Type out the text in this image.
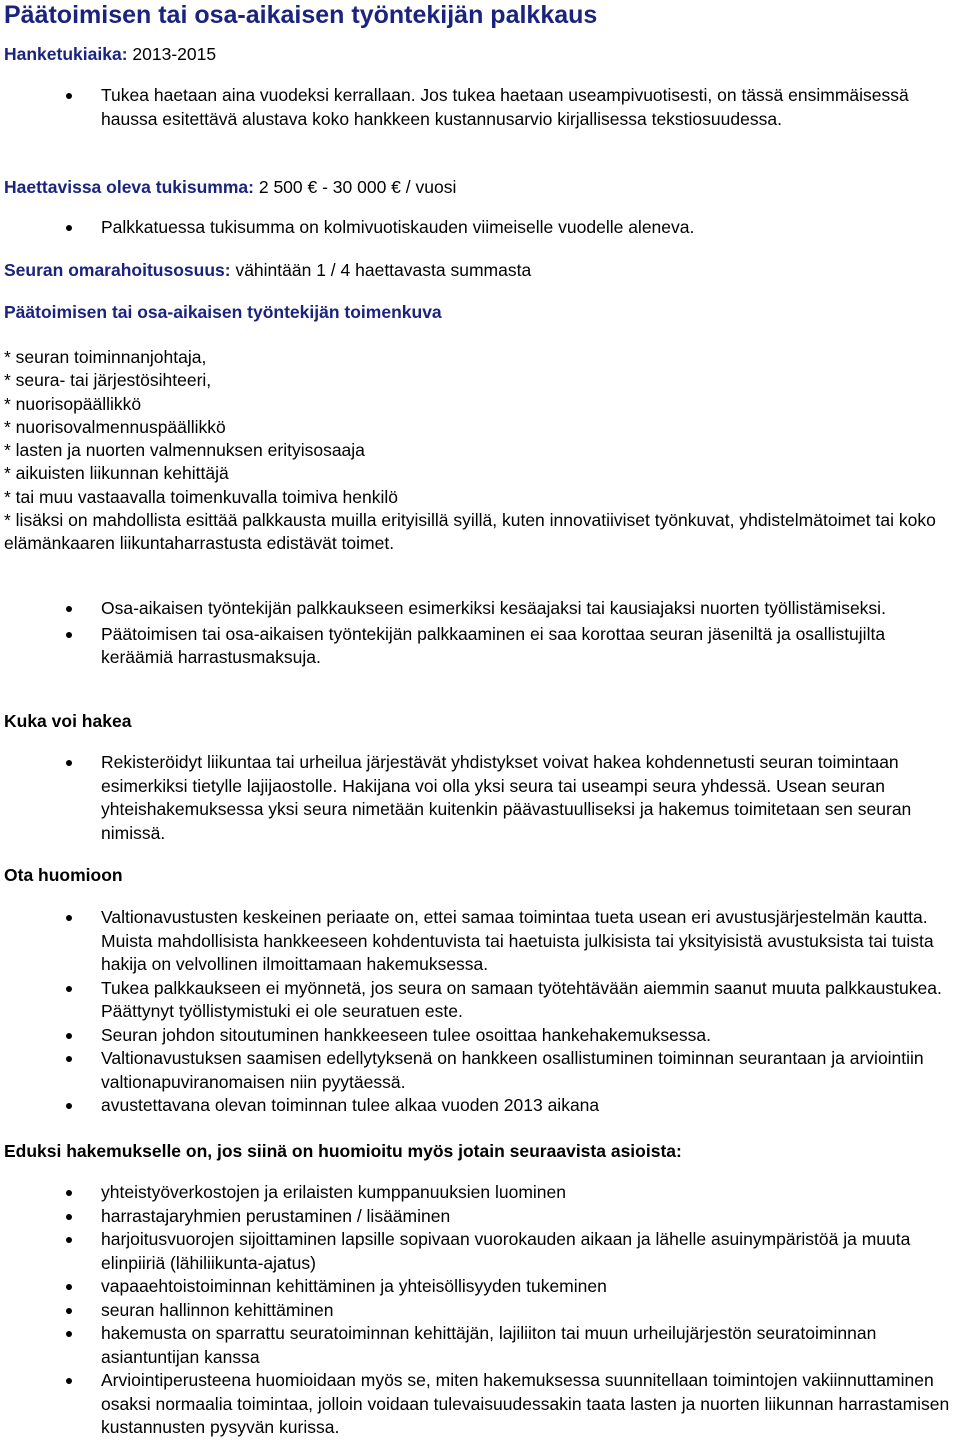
Päätoimisen tai osa-aikaisen työntekijän palkkaus

Hanketukiaika: 2013-2015

Tukea haetaan aina vuodeksi kerrallaan. Jos tukea haetaan useampivuotisesti, on tässä ensimmäisessä haussa esitettävä alustava koko hankkeen kustannusarvio kirjallisessa tekstiosuudessa.

Haettavissa oleva tukisumma: 2 500 € - 30 000 € / vuosi

Palkkatuessa tukisumma on kolmivuotiskauden viimeiselle vuodelle aleneva.

Seuran omarahoitusosuus: vähintään 1 / 4 haettavasta summasta

Päätoimisen tai osa-aikaisen työntekijän toimenkuva

* seuran toiminnanjohtaja,
* seura- tai järjestösihteeri,
* nuorisopäällikkö
* nuorisovalmennuspäällikkö
* lasten ja nuorten valmennuksen erityisosaaja
* aikuisten liikunnan kehittäjä
* tai muu vastaavalla toimenkuvalla toimiva henkilö
* lisäksi on mahdollista esittää palkkausta muilla erityisillä syillä, kuten innovatiiviset työnkuvat, yhdistelmätoimet tai koko elämänkaaren liikuntaharrastusta edistävät toimet.
Osa-aikaisen työntekijän palkkaukseen esimerkiksi kesäajaksi tai kausiajaksi nuorten työllistämiseksi.
Päätoimisen tai osa-aikaisen työntekijän palkkaaminen ei saa korottaa seuran jäseniltä ja osallistujilta keräämiä harrastusmaksuja.

Kuka voi hakea

Rekisteröidyt liikuntaa tai urheilua järjestävät yhdistykset voivat hakea kohdennetusti seuran toimintaan esimerkiksi tietylle lajijaostolle. Hakijana voi olla yksi seura tai useampi seura yhdessä. Usean seuran yhteishakemuksessa yksi seura nimetään kuitenkin päävastuulliseksi ja hakemus toimitetaan sen seuran nimissä.

Ota huomioon

Valtionavustusten keskeinen periaate on, ettei samaa toimintaa tueta usean eri avustusjärjestelmän kautta. Muista mahdollisista hankkeeseen kohdentuvista tai haetuista julkisista tai yksityisistä avustuksista tai tuista hakija on velvollinen ilmoittamaan hakemuksessa.
Tukea palkkaukseen ei myönnetä, jos seura on samaan työtehtävään aiemmin saanut muuta palkkaustukea. Päättynyt työllistymistuki ei ole seuratuen este.
Seuran johdon sitoutuminen hankkeeseen tulee osoittaa hankehakemuksessa.
Valtionavustuksen saamisen edellytyksenä on hankkeen osallistuminen toiminnan seurantaan ja arviointiin valtionapuviranomaisen niin pyytäessä.
avustettavana olevan toiminnan tulee alkaa vuoden 2013 aikana

Eduksi hakemukselle on, jos siinä on huomioitu myös jotain seuraavista asioista:

yhteistyöverkostojen ja erilaisten kumppanuuksien luominen
harrastajaryhmien perustaminen / lisääminen
harjoitusvuorojen sijoittaminen lapsille sopivaan vuorokauden aikaan ja lähelle asuinympäristöä ja muuta elinpiiriä (lähiliikunta-ajatus)
vapaaehtoistoiminnan kehittäminen ja yhteisöllisyyden tukeminen
seuran hallinnon kehittäminen
hakemusta on sparrattu seuratoiminnan kehittäjän, lajiliiton tai muun urheilujärjestön seuratoiminnan asiantuntijan kanssa
Arviointiperusteena huomioidaan myös se, miten hakemuksessa suunnitellaan toimintojen vakiinnuttaminen osaksi normaalia toimintaa, jolloin voidaan tulevaisuudessakin taata lasten ja nuorten liikunnan harrastamisen kustannusten pysyvän kurissa.
